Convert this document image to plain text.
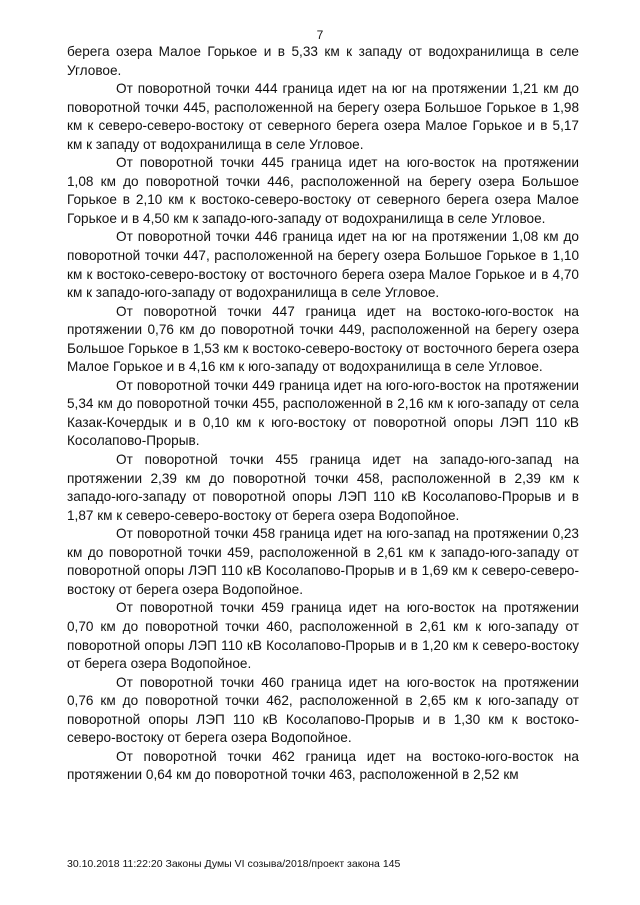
7

берега озера Малое Горькое и в 5,33 км к западу от водохранилища в селе Угловое.

От поворотной точки 444 граница идет на юг на протяжении 1,21 км до поворотной точки 445, расположенной на берегу озера Большое Горькое в 1,98 км к северо-северо-востоку от северного берега озера Малое Горькое и в 5,17 км к западу от водохранилища в селе Угловое.

От поворотной точки 445 граница идет на юго-восток на протяжении 1,08 км до поворотной точки 446, расположенной на берегу озера Большое Горькое в 2,10 км к востоко-северо-востоку от северного берега озера Малое Горькое и в 4,50 км к западо-юго-западу от водохранилища в селе Угловое.

От поворотной точки 446 граница идет на юг на протяжении 1,08 км до поворотной точки 447, расположенной на берегу озера Большое Горькое в 1,10 км к востоко-северо-востоку от восточного берега озера Малое Горькое и в 4,70 км к западо-юго-западу от водохранилища в селе Угловое.

От поворотной точки 447 граница идет на востоко-юго-восток на протяжении 0,76 км до поворотной точки 449, расположенной на берегу озера Большое Горькое в 1,53 км к востоко-северо-востоку от восточного берега озера Малое Горькое и в 4,16 км к юго-западу от водохранилища в селе Угловое.

От поворотной точки 449 граница идет на юго-юго-восток на протяжении 5,34 км до поворотной точки 455, расположенной в 2,16 км к юго-западу от села Казак-Кочердык и в 0,10 км к юго-востоку от поворотной опоры ЛЭП 110 кВ Косолапово-Прорыв.

От поворотной точки 455 граница идет на западо-юго-запад на протяжении 2,39 км до поворотной точки 458, расположенной в 2,39 км к западо-юго-западу от поворотной опоры ЛЭП 110 кВ Косолапово-Прорыв и в 1,87 км к северо-северо-востоку от берега озера Водопойное.

От поворотной точки 458 граница идет на юго-запад на протяжении 0,23 км до поворотной точки 459, расположенной в 2,61 км к западо-юго-западу от поворотной опоры ЛЭП 110 кВ Косолапово-Прорыв и в 1,69 км к северо-северо-востоку от берега озера Водопойное.

От поворотной точки 459 граница идет на юго-восток на протяжении 0,70 км до поворотной точки 460, расположенной в 2,61 км к юго-западу от поворотной опоры ЛЭП 110 кВ Косолапово-Прорыв и в 1,20 км к северо-востоку от берега озера Водопойное.

От поворотной точки 460 граница идет на юго-восток на протяжении 0,76 км до поворотной точки 462, расположенной в 2,65 км к юго-западу от поворотной опоры ЛЭП 110 кВ Косолапово-Прорыв и в 1,30 км к востоко-северо-востоку от берега озера Водопойное.

От поворотной точки 462 граница идет на востоко-юго-восток на протяжении 0,64 км до поворотной точки 463, расположенной в 2,52 км

30.10.2018 11:22:20 Законы Думы VI созыва/2018/проект закона 145
